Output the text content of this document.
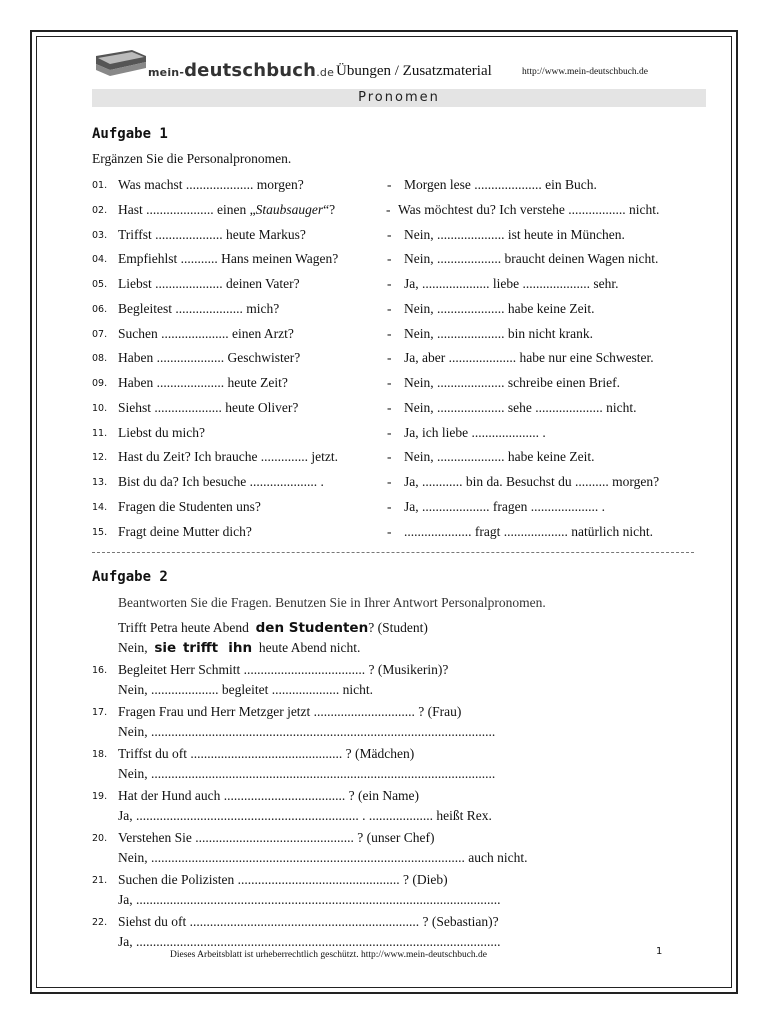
mein-deutschbuch.de Übungen / Zusatzmaterial	http://www.mein-deutschbuch.de
Pronomen
Aufgabe 1
Ergänzen Sie die Personalpronomen.
01. Was machst .................... morgen?	- Morgen lese .................... ein Buch.
02. Hast .................... einen „Staubsauger“?	- Was möchtest du? Ich verstehe ................. nicht.
03. Triffst .................... heute Markus?	- Nein, .................... ist heute in München.
04. Empfiehlst ........... Hans meinen Wagen?	- Nein, ................... braucht deinen Wagen nicht.
05. Liebst .................... deinen Vater?	- Ja, .................... liebe .................... sehr.
06. Begleitest .................... mich?	- Nein, .................... habe keine Zeit.
07. Suchen .................... einen Arzt?	- Nein, .................... bin nicht krank.
08. Haben .................... Geschwister?	- Ja, aber .................... habe nur eine Schwester.
09. Haben .................... heute Zeit?	- Nein, .................... schreibe einen Brief.
10. Siehst .................... heute Oliver?	- Nein, .................... sehe .................... nicht.
11. Liebst du mich?	- Ja, ich liebe .................... .
12. Hast du Zeit? Ich brauche .............. jetzt.	- Nein, .................... habe keine Zeit.
13. Bist du da? Ich besuche .................... .	- Ja, ............ bin da. Besuchst du .......... morgen?
14. Fragen die Studenten uns?	- Ja, .................... fragen .................... .
15. Fragt deine Mutter dich?	- .................... fragt ................... natürlich nicht.
Aufgabe 2
Beantworten Sie die Fragen. Benutzen Sie in Ihrer Antwort Personalpronomen.
Trifft Petra heute Abend den Studenten? (Student)
Nein, sie trifft ihn heute Abend nicht.
16. Begleitet Herr Schmitt .................................... ? (Musikerin)?
Nein, .................... begleitet .................... nicht.
17. Fragen Frau und Herr Metzger jetzt .............................. ? (Frau)
Nein, ......................................................................................................
18. Triffst du oft ............................................. ? (Mädchen)
Nein, ......................................................................................................
19. Hat der Hund auch .................................... ? (ein Name)
Ja, .................................................................. . ................... heißt Rex.
20. Verstehen Sie ............................................... ? (unser Chef)
Nein, ............................................................................................. auch nicht.
21. Suchen die Polizisten ................................................ ? (Dieb)
Ja, ............................................................................................................
22. Siehst du oft .................................................................... ? (Sebastian)?
Ja, ............................................................................................................
Dieses Arbeitsblatt ist urheberrechtlich geschützt. http://www.mein-deutschbuch.de	1
